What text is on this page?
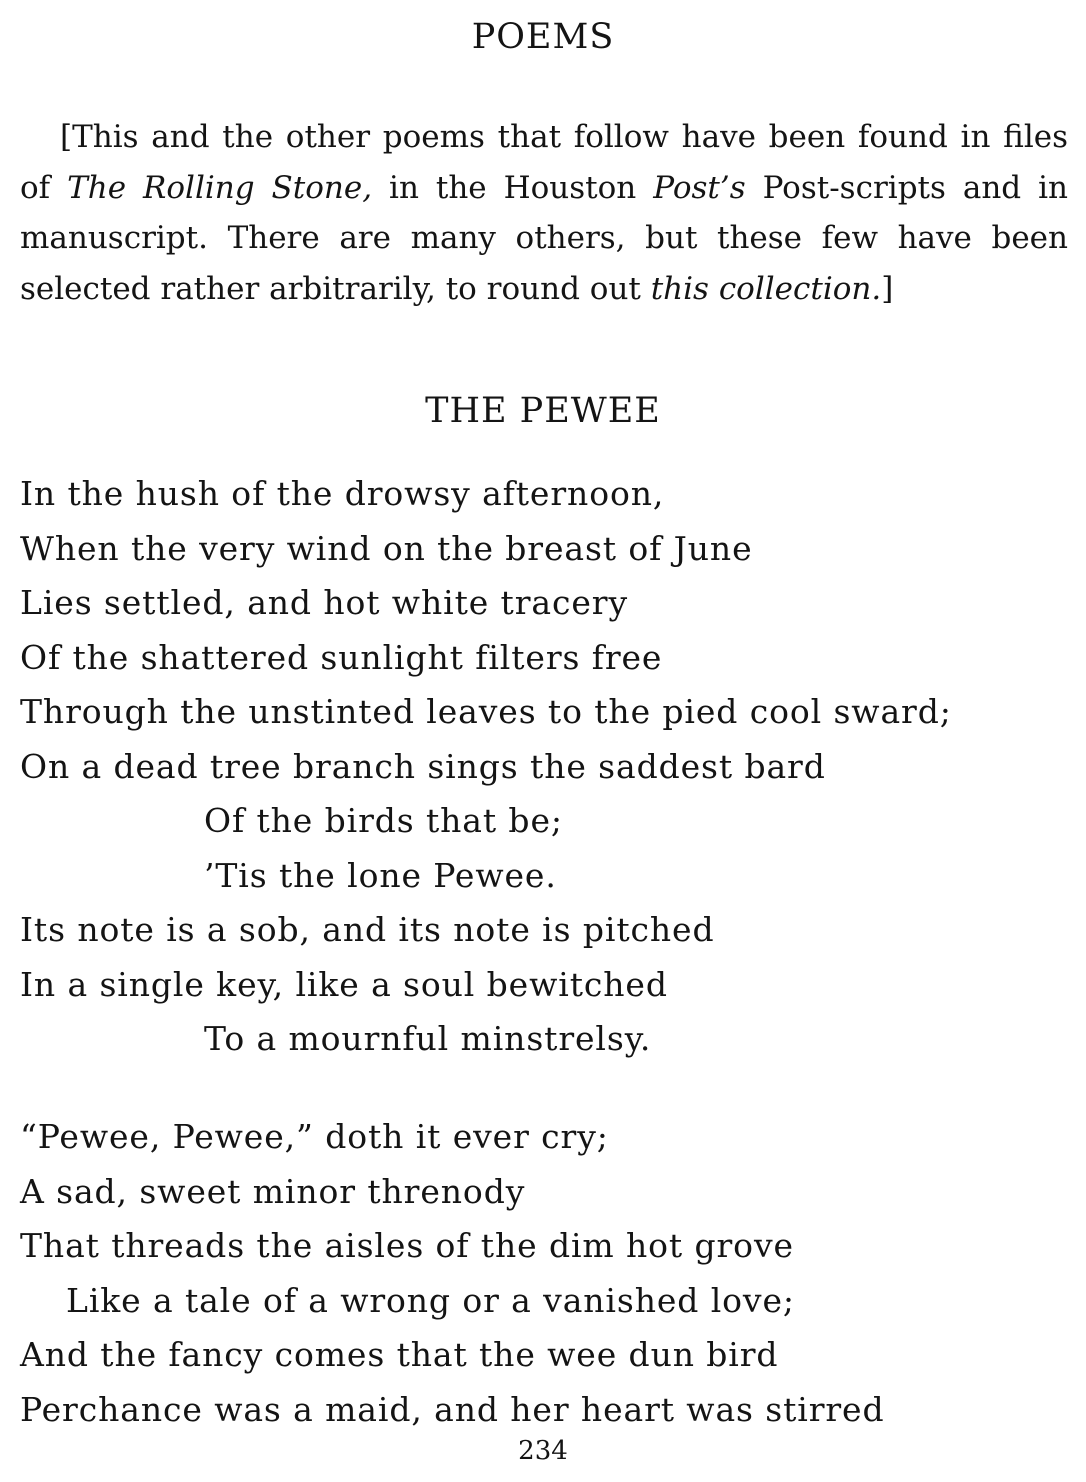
POEMS

[This and the other poems that follow have been found in files of The Rolling Stone, in the Houston Post’s Post-scripts and in manuscript. There are many others, but these few have been selected rather arbitrarily, to round out this collection.]

THE PEWEE
In the hush of the drowsy afternoon,
When the very wind on the breast of June
Lies settled, and hot white tracery
Of the shattered sunlight filters free
Through the unstinted leaves to the pied cool sward;
On a dead tree branch sings the saddest bard
Of the birds that be;
’Tis the lone Pewee.
Its note is a sob, and its note is pitched
In a single key, like a soul bewitched
To a mournful minstrelsy.
“Pewee, Pewee,” doth it ever cry;
A sad, sweet minor threnody
That threads the aisles of the dim hot grove
Like a tale of a wrong or a vanished love;
And the fancy comes that the wee dun bird
Perchance was a maid, and her heart was stirred
234
